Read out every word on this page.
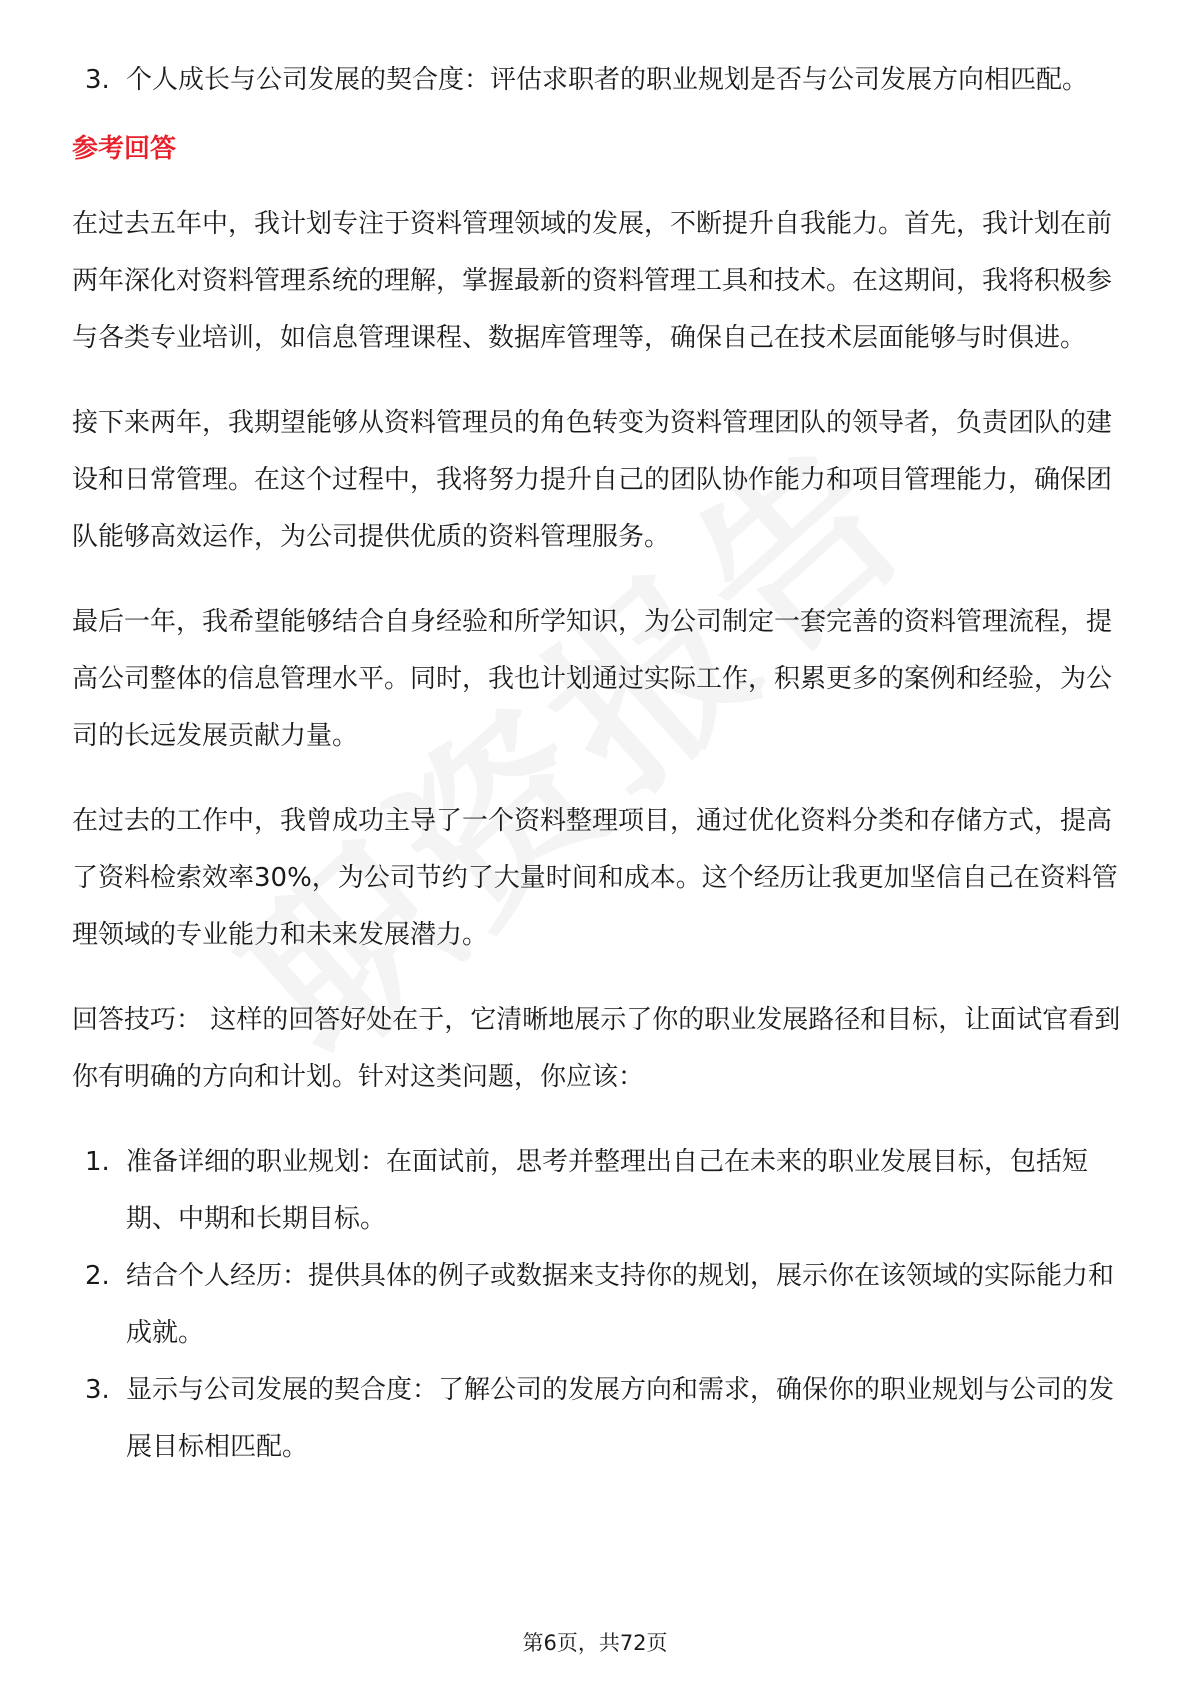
3. 个人成长与公司发展的契合度：评估求职者的职业规划是否与公司发展方向相匹配。
参考回答

在过去五年中，我计划专注于资料管理领域的发展，不断提升自我能力。首先，我计划在前两年深化对资料管理系统的理解，掌握最新的资料管理工具和技术。在这期间，我将积极参与各类专业培训，如信息管理课程、数据库管理等，确保自己在技术层面能够与时俱进。

接下来两年，我期望能够从资料管理员的角色转变为资料管理团队的领导者，负责团队的建设和日常管理。在这个过程中，我将努力提升自己的团队协作能力和项目管理能力，确保团队能够高效运作，为公司提供优质的资料管理服务。

最后一年，我希望能够结合自身经验和所学知识，为公司制定一套完善的资料管理流程，提高公司整体的信息管理水平。同时，我也计划通过实际工作，积累更多的案例和经验，为公司的长远发展贡献力量。

在过去的工作中，我曾成功主导了一个资料整理项目，通过优化资料分类和存储方式，提高了资料检索效率30%，为公司节约了大量时间和成本。这个经历让我更加坚信自己在资料管理领域的专业能力和未来发展潜力。

回答技巧： 这样的回答好处在于，它清晰地展示了你的职业发展路径和目标，让面试官看到你有明确的方向和计划。针对这类问题，你应该：

1. 准备详细的职业规划：在面试前，思考并整理出自己在未来的职业发展目标，包括短期、中期和长期目标。
2. 结合个人经历：提供具体的例子或数据来支持你的规划，展示你在该领域的实际能力和成就。
3. 显示与公司发展的契合度：了解公司的发展方向和需求，确保你的职业规划与公司的发展目标相匹配。
第6页，共72页
